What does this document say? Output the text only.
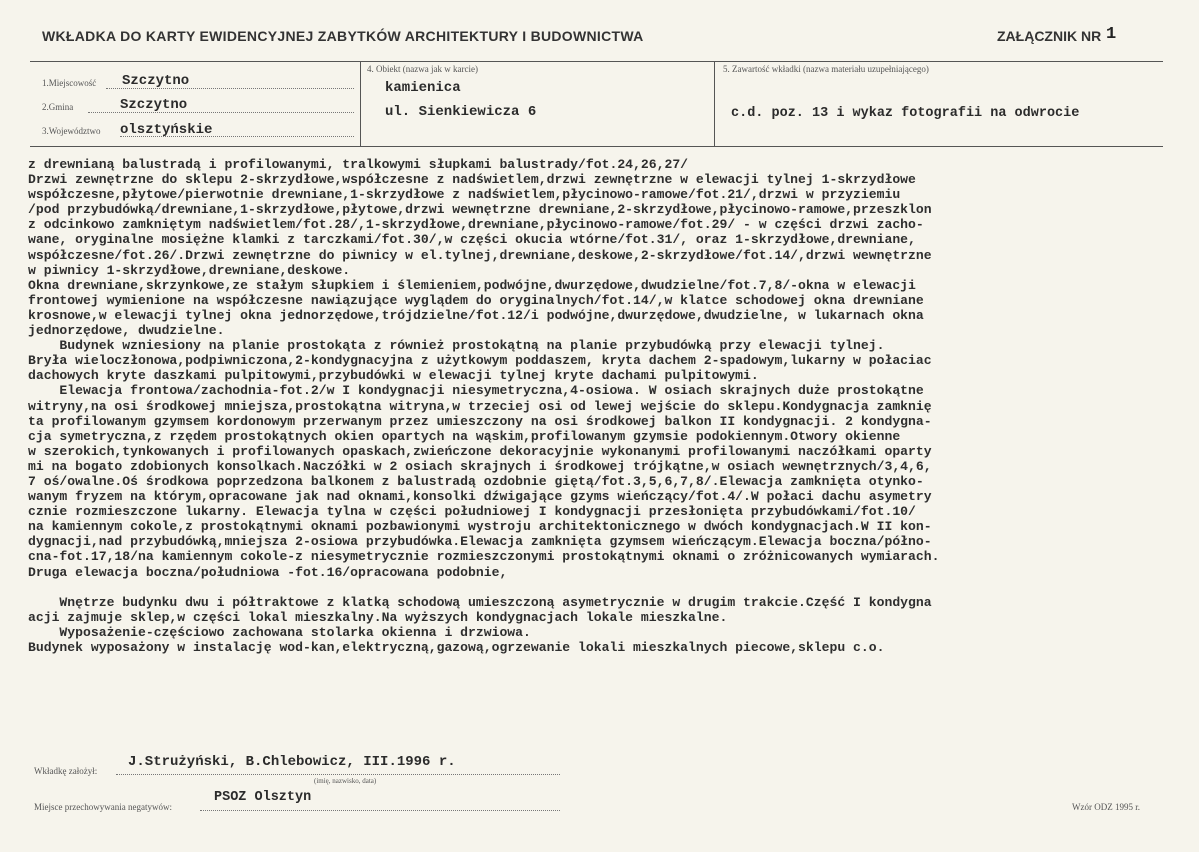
WKŁADKA DO KARTY EWIDENCYJNEJ ZABYTKÓW ARCHITEKTURY I BUDOWNICTWA	ZAŁĄCZNIK NR 1
1.Miejscowość Szczytno
2.Gmina	Szczytno
3.Województwo olsztyńskie
4. Obiekt (nazwa jak w karcie)
kamienica
ul. Sienkiewicza 6
5. Zawartość wkładki (nazwa materiału uzupełniającego)
c.d. poz. 13 i wykaz fotografii na odwrocie
z drewnianą balustradą i profilowanymi, tralkowymi słupkami balustrady/fot.24,26,27/
Drzwi zewnętrzne do sklepu 2-skrzydłowe,współczesne z nadświetlem,drzwi zewnętrzne w elewacji tylnej 1-skrzydłowe
współczesne,płytowe/pierwotnie drewniane,1-skrzydłowe z nadświetlem,płycinowo-ramowe/fot.21/,drzwi w przyziemiu
/pod przybudówką/drewniane,1-skrzydłowe,płytowe,drzwi wewnętrzne drewniane,2-skrzydłowe,płycinowo-ramowe,przeszklon
z odcinkowo zamkniętym nadświetlem/fot.28/,1-skrzydłowe,drewniane,płycinowo-ramowe/fot.29/ - w części drzwi zacho-
wane, oryginalne mosiężne klamki z tarczkami/fot.30/,w części okucia wtórne/fot.31/, oraz 1-skrzydłowe,drewniane,
współczesne/fot.26/.Drzwi zewnętrzne do piwnicy w el.tylnej,drewniane,deskowe,2-skrzydłowe/fot.14/,drzwi wewnętrzne
w piwnicy 1-skrzydłowe,drewniane,deskowe.
Okna drewniane,skrzynkowe,ze stałym słupkiem i ślemieniem,podwójne,dwurzędowe,dwudzielne/fot.7,8/-okna w elewacji
frontowej wymienione na współczesne nawiązujące wyglądem do oryginalnych/fot.14/,w klatce schodowej okna drewniane
krosnowe,w elewacji tylnej okna jednorzędowe,trójdzielne/fot.12/i podwójne,dwurzędowe,dwudzielne, w lukarnach okna
jednorzędowe, dwudzielne.
Budynek wzniesiony na planie prostokąta z również prostokątną na planie przybudówką przy elewacji tylnej.
Bryła wieloczłonowa,podpiwniczona,2-kondygnacyjna z użytkowym poddaszem, kryta dachem 2-spadowym,lukarny w połaciac
dachowych kryte daszkami pulpitowymi,przybudówki w elewacji tylnej kryte dachami pulpitowymi.
Elewacja frontowa/zachodnia-fot.2/w I kondygnacji niesymetryczna,4-osiowa. W osiach skrajnych duże prostokątne
witryny,na osi środkowej mniejsza,prostokątna witryna,w trzeciej osi od lewej wejście do sklepu.Kondygnacja zamknię
ta profilowanym gzymsem kordonowym przerwanym przez umieszczony na osi środkowej balkon II kondygnacji. 2 kondygna-
cja symetryczna,z rzędem prostokątnych okien opartych na wąskim,profilowanym gzymsie podokiennym.Otwory okienne
w szerokich,tynkowanych i profilowanych opaskach,zwieńczone dekoracyjnie wykonanymi profilowanymi naczółkami oparty
mi na bogato zdobionych konsolkach.Naczółki w 2 osiach skrajnych i środkowej trójkątne,w osiach wewnętrznych/3,4,6,
7 oś/owalne.Oś środkowa poprzedzona balkonem z balustradą ozdobnie giętą/fot.3,5,6,7,8/.Elewacja zamknięta otynko-
wanym fryzem na którym,opracowane jak nad oknami,konsolki dźwigające gzyms wieńczący/fot.4/.W połaci dachu asymetry
cznie rozmieszczone lukarny. Elewacja tylna w części południowej I kondygnacji przesłonięta przybudówkami/fot.10/
na kamiennym cokole,z prostokątnymi oknami pozbawionymi wystroju architektonicznego w dwóch kondygnacjach.W II kon-
dygnacji,nad przybudówką,mniejsza 2-osiowa przybudówka.Elewacja zamknięta gzymsem wieńczącym.Elewacja boczna/półno-
cna-fot.17,18/na kamiennym cokole-z niesymetrycznie rozmieszczonymi prostokątnymi oknami o zróżnicowanych wymiarach.
Druga elewacja boczna/południowa -fot.16/opracowana podobnie,
Wnętrze budynku dwu i półtraktowe z klatką schodową umieszczoną asymetrycznie w drugim trakcie.Część I kondygna
acji zajmuje sklep,w części lokal mieszkalny.Na wyższych kondygnacjach lokale mieszkalne.
Wyposażenie-częściowo zachowana stolarka okienna i drzwiowa.
Budynek wyposażony w instalację wod-kan,elektryczną,gazową,ogrzewanie lokali mieszkalnych piecowe,sklepu c.o.
Wkładkę założył:
J.Strużyński, B.Chlebowicz, III.1996 r.
(imię, nazwisko, data)
Miejsce przechowywania negatywów:
PSOZ Olsztyn
Wzór ODZ 1995 r.
